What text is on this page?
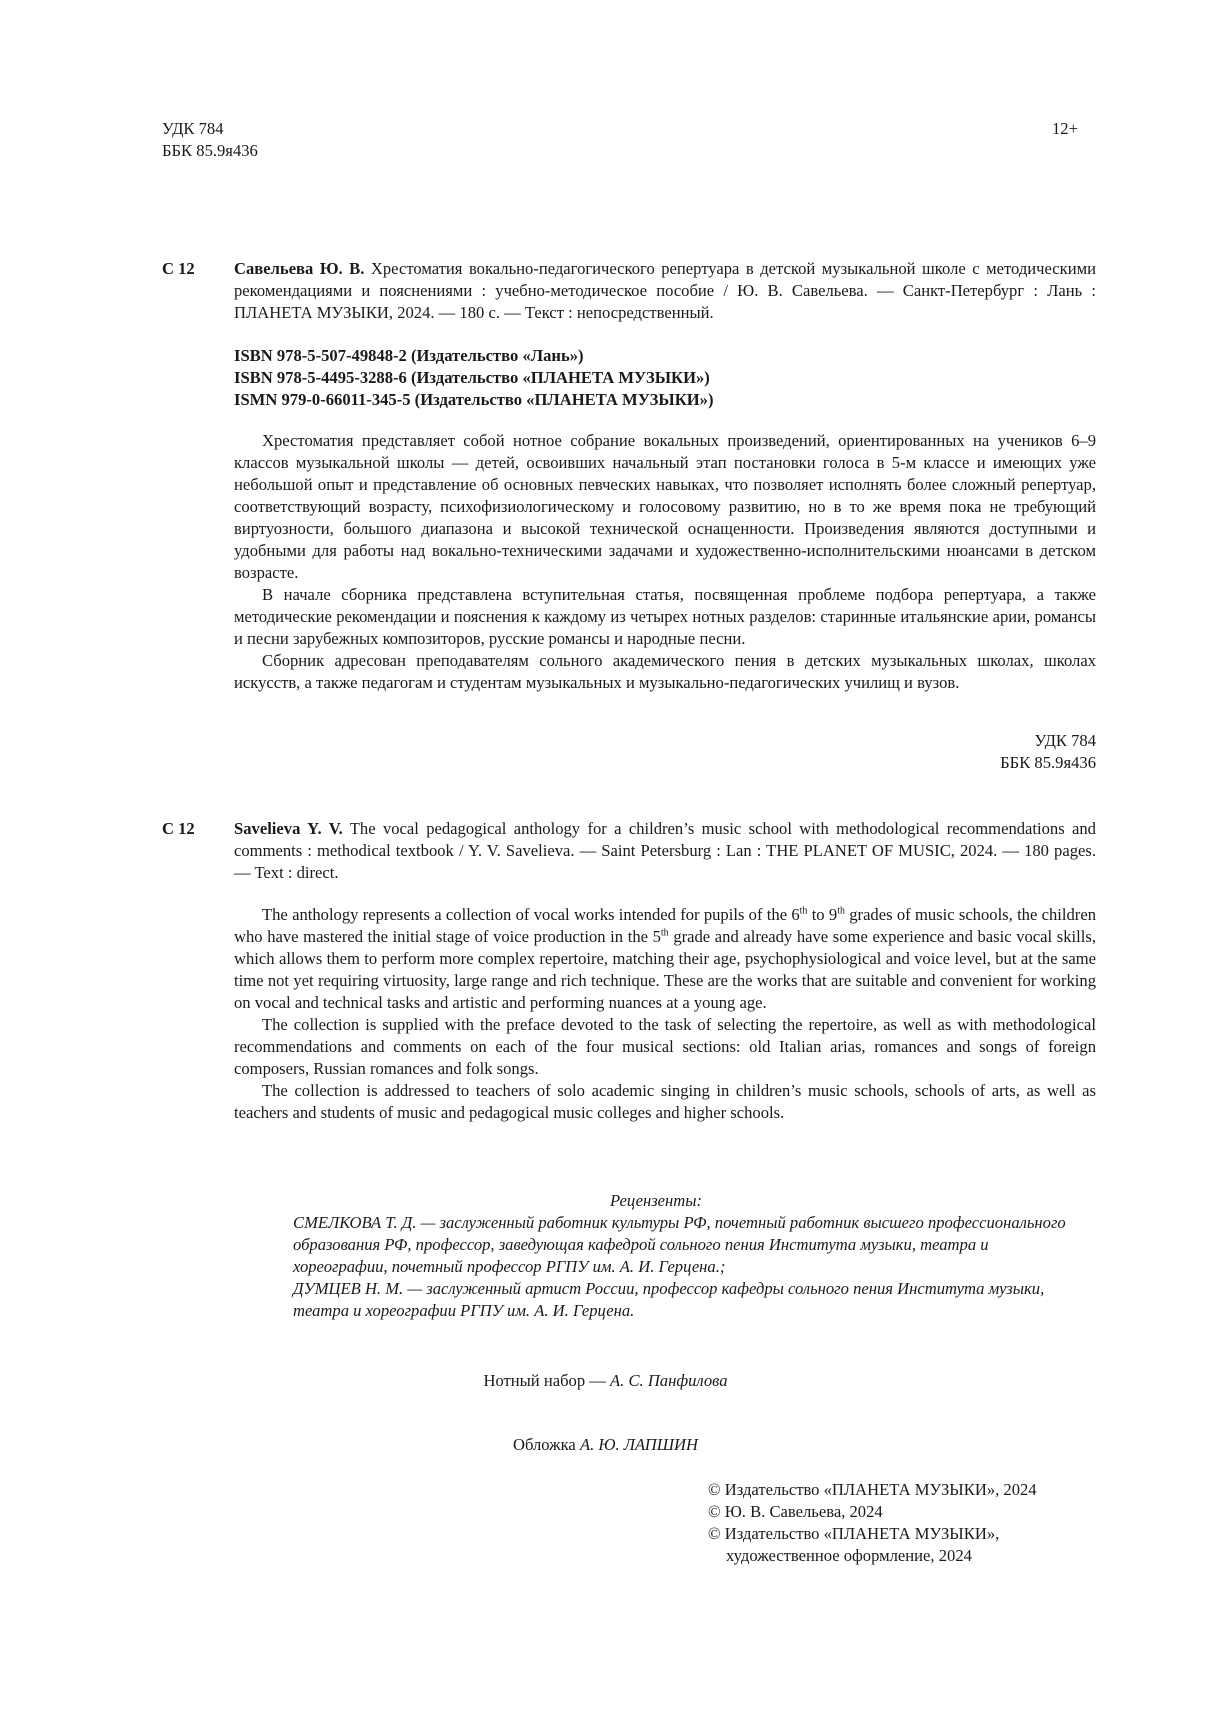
УДК 784
ББК 85.9я436
12+
С 12 Савельева Ю. В. Хрестоматия вокально-педагогического репертуара в детской музыкальной школе с методическими рекомендациями и пояснениями : учебно-методическое пособие / Ю. В. Савельева. — Санкт-Петербург : Лань : ПЛАНЕТА МУЗЫКИ, 2024. — 180 с. — Текст : непосредственный.
ISBN 978-5-507-49848-2 (Издательство «Лань»)
ISBN 978-5-4495-3288-6 (Издательство «ПЛАНЕТА МУЗЫКИ»)
ISMN 979-0-66011-345-5 (Издательство «ПЛАНЕТА МУЗЫКИ»)

Хрестоматия представляет собой нотное собрание вокальных произведений, ориентированных на учеников 6–9 классов музыкальной школы — детей, освоивших начальный этап постановки голоса в 5-м классе и имеющих уже небольшой опыт и представление об основных певческих навыках, что позволяет исполнять более сложный репертуар, соответствующий возрасту, психофизиологическому и голосовому развитию, но в то же время пока не требующий виртуозности, большого диапазона и высокой технической оснащенности. Произведения являются доступными и удобными для работы над вокально-техническими задачами и художественно-исполнительскими нюансами в детском возрасте.

В начале сборника представлена вступительная статья, посвященная проблеме подбора репертуара, а также методические рекомендации и пояснения к каждому из четырех нотных разделов: старинные итальянские арии, романсы и песни зарубежных композиторов, русские романсы и народные песни.

Сборник адресован преподавателям сольного академического пения в детских музыкальных школах, школах искусств, а также педагогам и студентам музыкальных и музыкально-педагогических училищ и вузов.

УДК 784
ББК 85.9я436
С 12 Savelieva Y. V. The vocal pedagogical anthology for a children’s music school with methodological recommendations and comments : methodical textbook / Y. V. Savelieva. — Saint Petersburg : Lan : THE PLANET OF MUSIC, 2024. — 180 pages. — Text : direct.

The anthology represents a collection of vocal works intended for pupils of the 6th to 9th grades of music schools, the children who have mastered the initial stage of voice production in the 5th grade and already have some experience and basic vocal skills, which allows them to perform more complex repertoire, matching their age, psychophysiological and voice level, but at the same time not yet requiring virtuosity, large range and rich technique. These are the works that are suitable and convenient for working on vocal and technical tasks and artistic and performing nuances at a young age.

The collection is supplied with the preface devoted to the task of selecting the repertoire, as well as with methodological recommendations and comments on each of the four musical sections: old Italian arias, romances and songs of foreign composers, Russian romances and folk songs.

The collection is addressed to teachers of solo academic singing in children’s music schools, schools of arts, as well as teachers and students of music and pedagogical music colleges and higher schools.

Рецензенты:

СМЕЛКОВА Т. Д. — заслуженный работник культуры РФ, почетный работник высшего профессионального образования РФ, профессор, заведующая кафедрой сольного пения Института музыки, театра и хореографии, почетный профессор РГПУ им. А. И. Герцена.;

ДУМЦЕВ Н. М. — заслуженный артист России, профессор кафедры сольного пения Института музыки, театра и хореографии РГПУ им. А. И. Герцена.

Нотный набор — А. С. Панфилова
Обложка А. Ю. ЛАПШИН
© Издательство «ПЛАНЕТА МУЗЫКИ», 2024
© Ю. В. Савельева, 2024
© Издательство «ПЛАНЕТА МУЗЫКИ»,
художественное оформление, 2024
